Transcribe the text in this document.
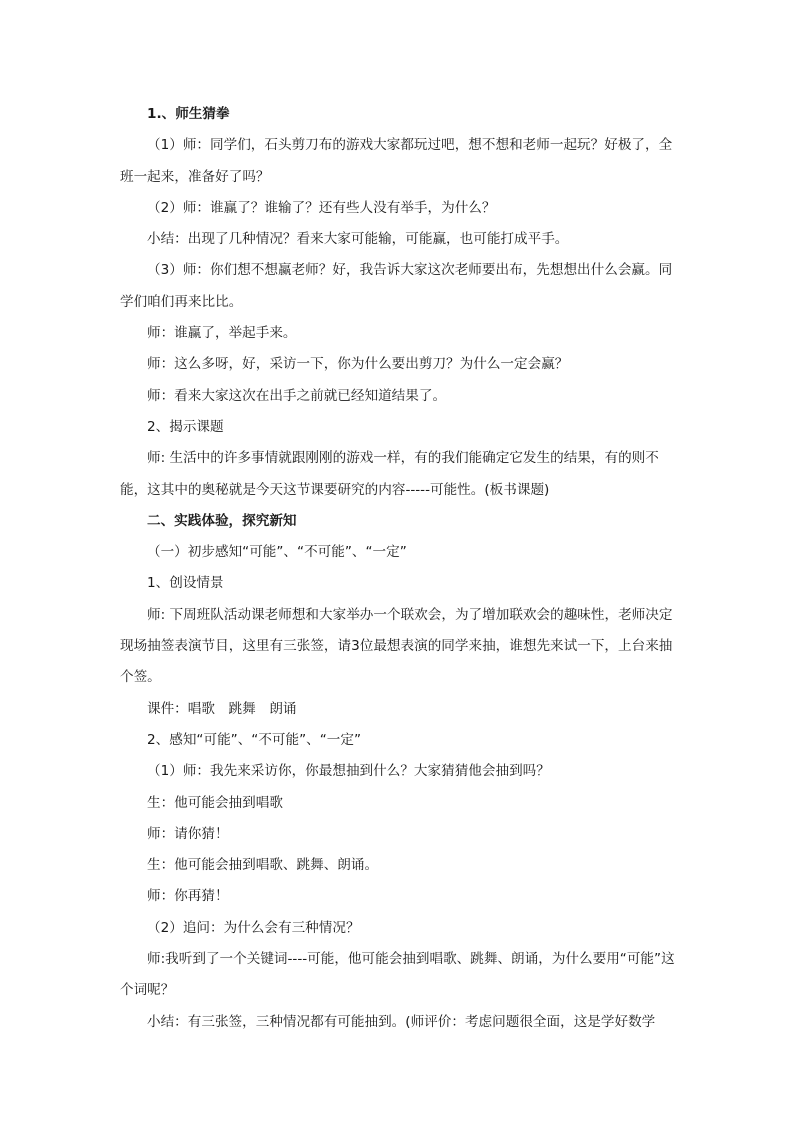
1.、师生猜拳

（1）师：同学们，石头剪刀布的游戏大家都玩过吧，想不想和老师一起玩？好极了，全班一起来，准备好了吗？

（2）师：谁赢了？谁输了？还有些人没有举手，为什么？

小结：出现了几种情况？看来大家可能输，可能赢，也可能打成平手。

（3）师：你们想不想赢老师？好，我告诉大家这次老师要出布，先想想出什么会赢。同学们咱们再来比比。

师：谁赢了，举起手来。

师：这么多呀，好，采访一下，你为什么要出剪刀？为什么一定会赢？

师：看来大家这次在出手之前就已经知道结果了。

2、揭示课题

师: 生活中的许多事情就跟刚刚的游戏一样，有的我们能确定它发生的结果，有的则不能，这其中的奥秘就是今天这节课要研究的内容-----可能性。(板书课题)

二、实践体验，探究新知

（一）初步感知“可能”、“不可能”、“一定”

1、创设情景

师: 下周班队活动课老师想和大家举办一个联欢会，为了增加联欢会的趣味性，老师决定现场抽签表演节目，这里有三张签，请3位最想表演的同学来抽，谁想先来试一下，上台来抽个签。

课件：唱歌　跳舞　朗诵

2、感知“可能”、“不可能”、“一定”

（1）师：我先来采访你，你最想抽到什么？大家猜猜他会抽到吗？

生：他可能会抽到唱歌

师：请你猜！

生：他可能会抽到唱歌、跳舞、朗诵。

师：你再猜！

（2）追问：为什么会有三种情况？

师:我听到了一个关键词----可能，他可能会抽到唱歌、跳舞、朗诵，为什么要用“可能”这个词呢？

小结：有三张签，三种情况都有可能抽到。(师评价：考虑问题很全面，这是学好数学
